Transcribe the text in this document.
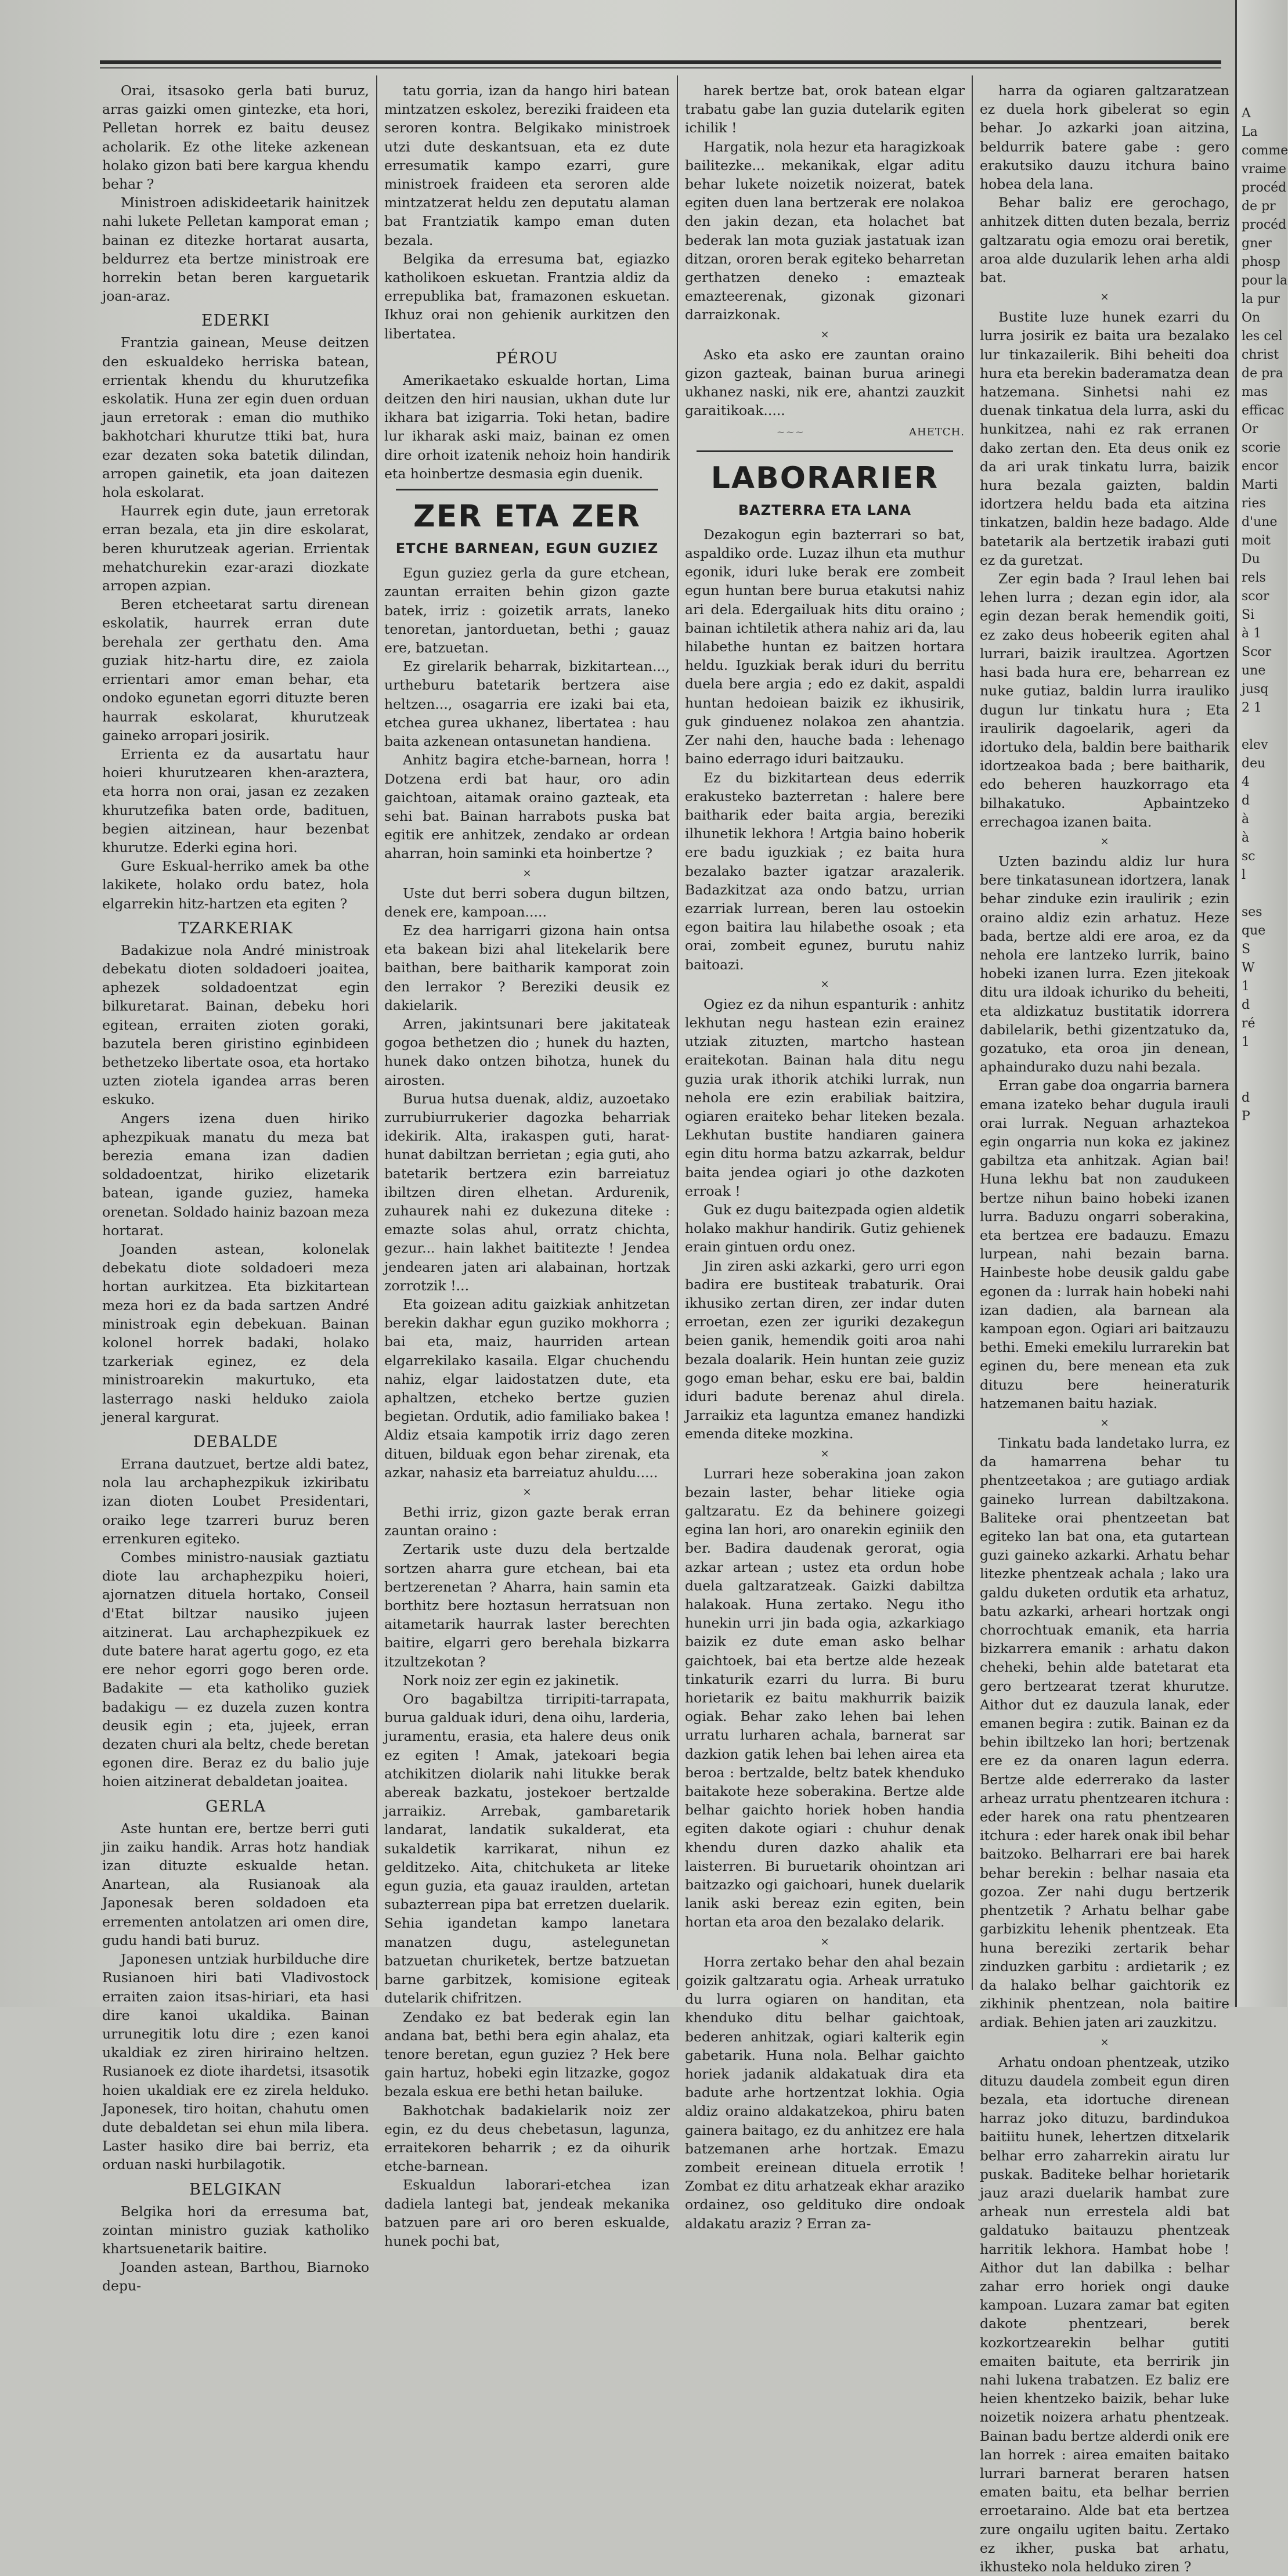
Orai, itsasoko gerla bati buruz, arras gaizki omen gintezke, eta hori, Pelletan horrek ez baitu deusez acholarik. Ez othe liteke azkenean holako gizon bati bere kargua khendu behar ?

Ministroen adiskideetarik hainitzek nahi lukete Pelletan kamporat eman ; bainan ez ditezke hortarat ausarta, beldurrez eta bertze ministroak ere horrekin betan beren karguetarik joan-araz.

EDERKI

Frantzia gainean, Meuse deitzen den eskualdeko herriska batean, errientak khendu du khurutzefika eskolatik. Huna zer egin duen orduan jaun erretorak : eman dio muthiko bakhotchari khurutze ttiki bat, hura ezar dezaten soka batetik dilindan, arropen gainetik, eta joan daitezen hola eskolarat.

Haurrek egin dute, jaun erretorak erran bezala, eta jin dire eskolarat, beren khurutzeak agerian. Errientak mehatchurekin ezar-arazi diozkate arropen azpian.

Beren etcheetarat sartu direnean eskolatik, haurrek erran dute berehala zer gerthatu den. Ama guziak hitz-hartu dire, ez zaiola errientari amor eman behar, eta ondoko egunetan egorri dituzte beren haurrak eskolarat, khurutzeak gaineko arropari josirik.

Errienta ez da ausartatu haur hoieri khurutzearen khen-araztera, eta horra non orai, jasan ez zezaken khurutzefika baten orde, badituen, begien aitzinean, haur bezenbat khurutze. Ederki egina hori.

Gure Eskual-herriko amek ba othe lakikete, holako ordu batez, hola elgarrekin hitz-hartzen eta egiten ?

TZARKERIAK

Badakizue nola André ministroak debekatu dioten soldadoeri joaitea, aphezek soldadoentzat egin bilkuretarat. Bainan, debeku hori egitean, erraiten zioten goraki, bazutela beren giristino eginbideen bethetzeko libertate osoa, eta hortako uzten ziotela igandea arras beren eskuko.

Angers izena duen hiriko aphezpikuak manatu du meza bat berezia emana izan dadien soldadoentzat, hiriko elizetarik batean, igande guziez, hameka orenetan. Soldado hainiz bazoan meza hortarat.

Joanden astean, kolonelak debekatu diote soldadoeri meza hortan aurkitzea. Eta bizkitartean meza hori ez da bada sartzen André ministroak egin debekuan. Bainan kolonel horrek badaki, holako tzarkeriak eginez, ez dela ministroarekin makurtuko, eta lasterrago naski helduko zaiola jeneral kargurat.

DEBALDE

Errana dautzuet, bertze aldi batez, nola lau archaphezpikuk izkiribatu izan dioten Loubet Presidentari, oraiko lege tzarreri buruz beren errenkuren egiteko.

Combes ministro-nausiak gaztiatu diote lau archaphezpiku hoieri, ajornatzen dituela hortako, Conseil d'Etat biltzar nausiko jujeen aitzinerat. Lau archaphezpikuek ez dute batere harat agertu gogo, ez eta ere nehor egorri gogo beren orde. Badakite — eta katholiko guziek badakigu — ez duzela zuzen kontra deusik egin ; eta, jujeek, erran dezaten churi ala beltz, chede beretan egonen dire. Beraz ez du balio juje hoien aitzinerat debaldetan joaitea.

GERLA

Aste huntan ere, bertze berri guti jin zaiku handik. Arras hotz handiak izan dituzte eskualde hetan. Anartean, ala Rusianoak ala Japonesak beren soldadoen eta errementen antolatzen ari omen dire, gudu handi bati buruz.

Japonesen untziak hurbilduche dire Rusianoen hiri bati Vladivostock erraiten zaion itsas-hiriari, eta hasi dire kanoi ukaldika. Bainan urrunegitik lotu dire ; ezen kanoi ukaldiak ez ziren hiriraino heltzen. Rusianoek ez diote ihardetsi, itsasotik hoien ukaldiak ere ez zirela helduko. Japonesek, tiro hoitan, chahutu omen dute debaldetan sei ehun mila libera. Laster hasiko dire bai berriz, eta orduan naski hurbilagotik.

BELGIKAN

Belgika hori da erresuma bat, zointan ministro guziak katholiko khartsuenetarik baitire.

Joanden astean, Barthou, Biarnoko depu-

tatu gorria, izan da hango hiri batean mintzatzen eskolez, bereziki fraideen eta seroren kontra. Belgikako ministroek utzi dute deskantsuan, eta ez dute erresumatik kampo ezarri, gure ministroek fraideen eta seroren alde mintzatzerat heldu zen deputatu alaman bat Frantziatik kampo eman duten bezala.

Belgika da erresuma bat, egiazko katholikoen eskuetan. Frantzia aldiz da errepublika bat, framazonen eskuetan. Ikhuz orai non gehienik aurkitzen den libertatea.

PÉROU

Amerikaetako eskualde hortan, Lima deitzen den hiri nausian, ukhan dute lur ikhara bat izigarria. Toki hetan, badire lur ikharak aski maiz, bainan ez omen dire orhoit izatenik nehoiz hoin handirik eta hoinbertze desmasia egin duenik.

ZER ETA ZER
ETCHE BARNEAN, EGUN GUZIEZ

Egun guziez gerla da gure etchean, zauntan erraiten behin gizon gazte batek, irriz : goizetik arrats, laneko tenoretan, jantorduetan, bethi ; gauaz ere, batzuetan.

Ez girelarik beharrak, bizkitartean..., urtheburu batetarik bertzera aise heltzen..., osagarria ere izaki bai eta, etchea gurea ukhanez, libertatea : hau baita azkenean ontasunetan handiena.

Anhitz bagira etche-barnean, horra ! Dotzena erdi bat haur, oro adin gaichtoan, aitamak oraino gazteak, eta sehi bat. Bainan harrabots puska bat egitik ere anhitzek, zendako ar ordean aharran, hoin saminki eta hoinbertze ?

×

Uste dut berri sobera dugun biltzen, denek ere, kampoan.....

Ez dea harrigarri gizona hain ontsa eta bakean bizi ahal litekelarik bere baithan, bere baitharik kamporat zoin den lerrakor ? Bereziki deusik ez dakielarik.

Arren, jakintsunari bere jakitateak gogoa bethetzen dio ; hunek du hazten, hunek dako ontzen bihotza, hunek du airosten.

Burua hutsa duenak, aldiz, auzoetako zurrubiurrukerier dagozka beharriak idekirik. Alta, irakaspen guti, harat-hunat dabiltzan berrietan ; egia guti, aho batetarik bertzera ezin barreiatuz ibiltzen diren elhetan. Ardurenik, zuhaurek nahi ez dukezuna diteke : emazte solas ahul, orratz chichta, gezur... hain lakhet baititezte ! Jendea jendearen jaten ari alabainan, hortzak zorrotzik !...

Eta goizean aditu gaizkiak anhitzetan berekin dakhar egun guziko mokhorra ; bai eta, maiz, haurriden artean elgarrekilako kasaila. Elgar chuchendu nahiz, elgar laidostatzen dute, eta aphaltzen, etcheko bertze guzien begietan. Ordutik, adio familiako bakea ! Aldiz etsaia kampotik irriz dago zeren dituen, bilduak egon behar zirenak, eta azkar, nahasiz eta barreiatuz ahuldu.....

×

Bethi irriz, gizon gazte berak erran zauntan oraino :

Zertarik uste duzu dela bertzalde sortzen aharra gure etchean, bai eta bertzerenetan ? Aharra, hain samin eta borthitz bere hoztasun herratsuan non aitametarik haurrak laster berechten baitire, elgarri gero berehala bizkarra itzultzekotan ?

Nork noiz zer egin ez jakinetik.

Oro bagabiltza tirripiti-tarrapata, burua galduak iduri, dena oihu, larderia, juramentu, erasia, eta halere deus onik ez egiten ! Amak, jatekoari begia atchikitzen diolarik nahi litukke berak abereak bazkatu, jostekoer bertzalde jarraikiz. Arrebak, gambaretarik landarat, landatik sukalderat, eta sukaldetik karrikarat, nihun ez gelditzeko. Aita, chitchuketa ar liteke egun guzia, eta gauaz iraulden, artetan subazterrean pipa bat erretzen duelarik. Sehia igandetan kampo lanetara manatzen dugu, astelegunetan batzuetan churiketek, bertze batzuetan barne garbitzek, komisione egiteak dutelarik chifritzen.

Zendako ez bat bederak egin lan andana bat, bethi bera egin ahalaz, eta tenore beretan, egun guziez ? Hek bere gain hartuz, hobeki egin litzazke, gogoz bezala eskua ere bethi hetan bailuke.

Bakhotchak badakielarik noiz zer egin, ez du deus chebetasun, lagunza, erraitekoren beharrik ; ez da oihurik etche-barnean.

Eskualdun laborari-etchea izan dadiela lantegi bat, jendeak mekanika batzuen pare ari oro beren eskualde, hunek pochi bat,

harek bertze bat, orok batean elgar trabatu gabe lan guzia dutelarik egiten ichilik !

Hargatik, nola hezur eta haragizkoak bailitezke... mekanikak, elgar aditu behar lukete noizetik noizerat, batek egiten duen lana bertzerak ere nolakoa den jakin dezan, eta holachet bat bederak lan mota guziak jastatuak izan ditzan, ororen berak egiteko beharretan gerthatzen deneko : emazteak emazteerenak, gizonak gizonari darraizkonak.

×

Asko eta asko ere zauntan oraino gizon gazteak, bainan burua arinegi ukhanez naski, nik ere, ahantzi zauzkit garaitikoak.....

~~~	AHETCH.
LABORARIER
BAZTERRA ETA LANA

Dezakogun egin bazterrari so bat, aspaldiko orde. Luzaz ilhun eta muthur egonik, iduri luke berak ere zombeit egun huntan bere burua etakutsi nahiz ari dela. Edergailuak hits ditu oraino ; bainan ichtiletik athera nahiz ari da, lau hilabethe huntan ez baitzen hortara heldu. Iguzkiak berak iduri du berritu duela bere argia ; edo ez dakit, aspaldi huntan hedoiean baizik ez ikhusirik, guk ginduenez nolakoa zen ahantzia. Zer nahi den, hauche bada : lehenago baino ederrago iduri baitzauku.

Ez du bizkitartean deus ederrik erakusteko bazterretan : halere bere baitharik eder baita argia, bereziki ilhunetik lekhora ! Artgia baino hoberik ere badu iguzkiak ; ez baita hura bezalako bazter igatzar arazalerik. Badazkitzat aza ondo batzu, urrian ezarriak lurrean, beren lau ostoekin egon baitira lau hilabethe osoak ; eta orai, zombeit egunez, burutu nahiz baitoazi.

×

Ogiez ez da nihun espanturik : anhitz lekhutan negu hastean ezin erainez utziak zituzten, martcho hastean eraitekotan. Bainan hala ditu negu guzia urak ithorik atchiki lurrak, nun nehola ere ezin erabiliak baitzira, ogiaren eraiteko behar liteken bezala. Lekhutan bustite handiaren gainera egin ditu horma batzu azkarrak, beldur baita jendea ogiari jo othe dazkoten erroak !

Guk ez dugu baitezpada ogien aldetik holako makhur handirik. Gutiz gehienek erain gintuen ordu onez.

Jin ziren aski azkarki, gero urri egon badira ere bustiteak trabaturik. Orai ikhusiko zertan diren, zer indar duten erroetan, ezen zer iguriki dezakegun beien ganik, hemendik goiti aroa nahi bezala doalarik. Hein huntan zeie guziz gogo eman behar, esku ere bai, baldin iduri badute berenaz ahul direla. Jarraikiz eta laguntza emanez handizki emenda diteke mozkina.

×

Lurrari heze soberakina joan zakon bezain laster, behar litieke ogia galtzaratu. Ez da behinere goizegi egina lan hori, aro onarekin eginiik den ber. Badira daudenak gerorat, ogia azkar artean ; ustez eta ordun hobe duela galtzaratzeak. Gaizki dabiltza halakoak. Huna zertako. Negu itho hunekin urri jin bada ogia, azkarkiago baizik ez dute eman asko belhar gaichtoek, bai eta bertze alde hezeak tinkaturik ezarri du lurra. Bi buru horietarik ez baitu makhurrik baizik ogiak. Behar zako lehen bai lehen urratu lurharen achala, barnerat sar dazkion gatik lehen bai lehen airea eta beroa : bertzalde, beltz batek khenduko baitakote heze soberakina. Bertze alde belhar gaichto horiek hoben handia egiten dakote ogiari : chuhur denak khendu duren dazko ahalik eta laisterren. Bi buruetarik ohointzan ari baitzazko ogi gaichoari, hunek duelarik lanik aski bereaz ezin egiten, bein hortan eta aroa den bezalako delarik.

×

Horra zertako behar den ahal bezain goizik galtzaratu ogia. Arheak urratuko du lurra ogiaren on handitan, eta khenduko ditu belhar gaichtoak, bederen anhitzak, ogiari kalterik egin gabetarik. Huna nola. Belhar gaichto horiek jadanik aldakatuak dira eta badute arhe hortzentzat lokhia. Ogia aldiz oraino aldakatzekoa, phiru baten gainera baitago, ez du anhitzez ere hala batzemanen arhe hortzak. Emazu zombeit ereinean dituela errotik ! Zombat ez ditu arhatzeak ekhar araziko ordainez, oso geldituko dire ondoak aldakatu araziz ? Erran za-

harra da ogiaren galtzaratzean ez duela hork gibelerat so egin behar. Jo azkarki joan aitzina, beldurrik batere gabe : gero erakutsiko dauzu itchura baino hobea dela lana.

Behar baliz ere gerochago, anhitzek ditten duten bezala, berriz galtzaratu ogia emozu orai beretik, aroa alde duzularik lehen arha aldi bat.

×

Bustite luze hunek ezarri du lurra josirik ez baita ura bezalako lur tinkazailerik. Bihi beheiti doa hura eta berekin baderamatza dean hatzemana. Sinhetsi nahi ez duenak tinkatua dela lurra, aski du hunkitzea, nahi ez rak erranen dako zertan den. Eta deus onik ez da ari urak tinkatu lurra, baizik hura bezala gaizten, baldin idortzera heldu bada eta aitzina tinkatzen, baldin heze badago. Alde batetarik ala bertzetik irabazi guti ez da guretzat.

Zer egin bada ? Iraul lehen bai lehen lurra ; dezan egin idor, ala egin dezan berak hemendik goiti, ez zako deus hobeerik egiten ahal lurrari, baizik iraultzea. Agortzen hasi bada hura ere, beharrean ez nuke gutiaz, baldin lurra irauliko dugun lur tinkatu hura ; Eta iraulirik dagoelarik, ageri da idortuko dela, baldin bere baitharik idortzeakoa bada ; bere baitharik, edo beheren hauzkorrago eta bilhakatuko. Apbaintzeko errechagoa izanen baita.

×

Uzten bazindu aldiz lur hura bere tinkatasunean idortzera, lanak behar zinduke ezin iraulirik ; ezin oraino aldiz ezin arhatuz. Heze bada, bertze aldi ere aroa, ez da nehola ere lantzeko lurrik, baino hobeki izanen lurra. Ezen jitekoak ditu ura ildoak ichuriko du beheiti, eta aldizkatuz bustitatik idorrera dabilelarik, bethi gizentzatuko da, gozatuko, eta oroa jin denean, aphaindurako duzu nahi bezala.

Erran gabe doa ongarria barnera emana izateko behar dugula irauli orai lurrak. Neguan arhaztekoa egin ongarria nun koka ez jakinez gabiltza eta anhitzak. Agian bai! Huna lekhu bat non zaudukeen bertze nihun baino hobeki izanen lurra. Baduzu ongarri soberakina, eta bertzea ere badauzu. Emazu lurpean, nahi bezain barna. Hainbeste hobe deusik galdu gabe egonen da : lurrak hain hobeki nahi izan dadien, ala barnean ala kampoan egon. Ogiari ari baitzauzu bethi. Emeki emekilu lurrarekin bat eginen du, bere menean eta zuk dituzu bere heineraturik hatzemanen baitu haziak.

×

Tinkatu bada landetako lurra, ez da hamarrena behar tu phentzeetakoa ; are gutiago ardiak gaineko lurrean dabiltzakona. Baliteke orai phentzeetan bat egiteko lan bat ona, eta gutartean guzi gaineko azkarki. Arhatu behar litezke phentzeak achala ; lako ura galdu duketen ordutik eta arhatuz, batu azkarki, arheari hortzak ongi chorrochtuak emanik, eta harria bizkarrera emanik : arhatu dakon cheheki, behin alde batetarat eta gero bertzearat tzerat khurutze. Aithor dut ez dauzula lanak, eder emanen begira : zutik. Bainan ez da behin ibiltzeko lan hori; bertzenak ere ez da onaren lagun ederra. Bertze alde ederrerako da laster arheaz urratu phentzearen itchura : eder harek ona ratu phentzearen itchura : eder harek onak ibil behar baitzoko. Belharrari ere bai harek behar berekin : belhar nasaia eta gozoa. Zer nahi dugu bertzerik phentzetik ? Arhatu belhar gabe garbizkitu lehenik phentzeak. Eta huna bereziki zertarik behar zinduzken garbitu : ardietarik ; ez da halako belhar gaichtorik ez zikhinik phentzean, nola baitire ardiak. Behien jaten ari zauzkitzu.

×

Arhatu ondoan phentzeak, utziko dituzu daudela zombeit egun diren bezala, eta idortuche direnean harraz joko dituzu, bardindukoa baitiitu hunek, lehertzen ditxelarik belhar erro zaharrekin airatu lur puskak. Baditeke belhar horietarik jauz arazi duelarik hambat zure arheak nun errestela aldi bat galdatuko baitauzu phentzeak harritik lekhora. Hambat hobe ! Aithor dut lan dabilka : belhar zahar erro horiek ongi dauke kampoan. Luzara zamar bat egiten dakote phentzeari, berek kozkortzearekin belhar gutiti emaiten baitute, eta berririk jin nahi lukena trabatzen. Ez baliz ere heien khentzeko baizik, behar luke noizetik noizera arhatu phentzeak. Bainan badu bertze alderdi onik ere lan horrek : airea emaiten baitako lurrari barnerat beraren hatsen ematen baitu, eta belhar berrien erroetaraino. Alde bat eta bertzea zure ongailu ugiten baitu. Zertako ez ikher, puska bat arhatu, ikhusteko nola helduko ziren ?

A
La
comme
vraime
procéd
de pr
procéd
gner
phosp
pour la
la pur
On
les cel
christ
de pra
mas
efficac
Or
scorie
encor
Marti
ries
d'une
moit
Du
rels
scor
Si
à 1
Scor
une
jusq
2 1

elev
deu
4
d
à
à
sc
l

ses
que
S
W
1
d
ré
1

d
P
